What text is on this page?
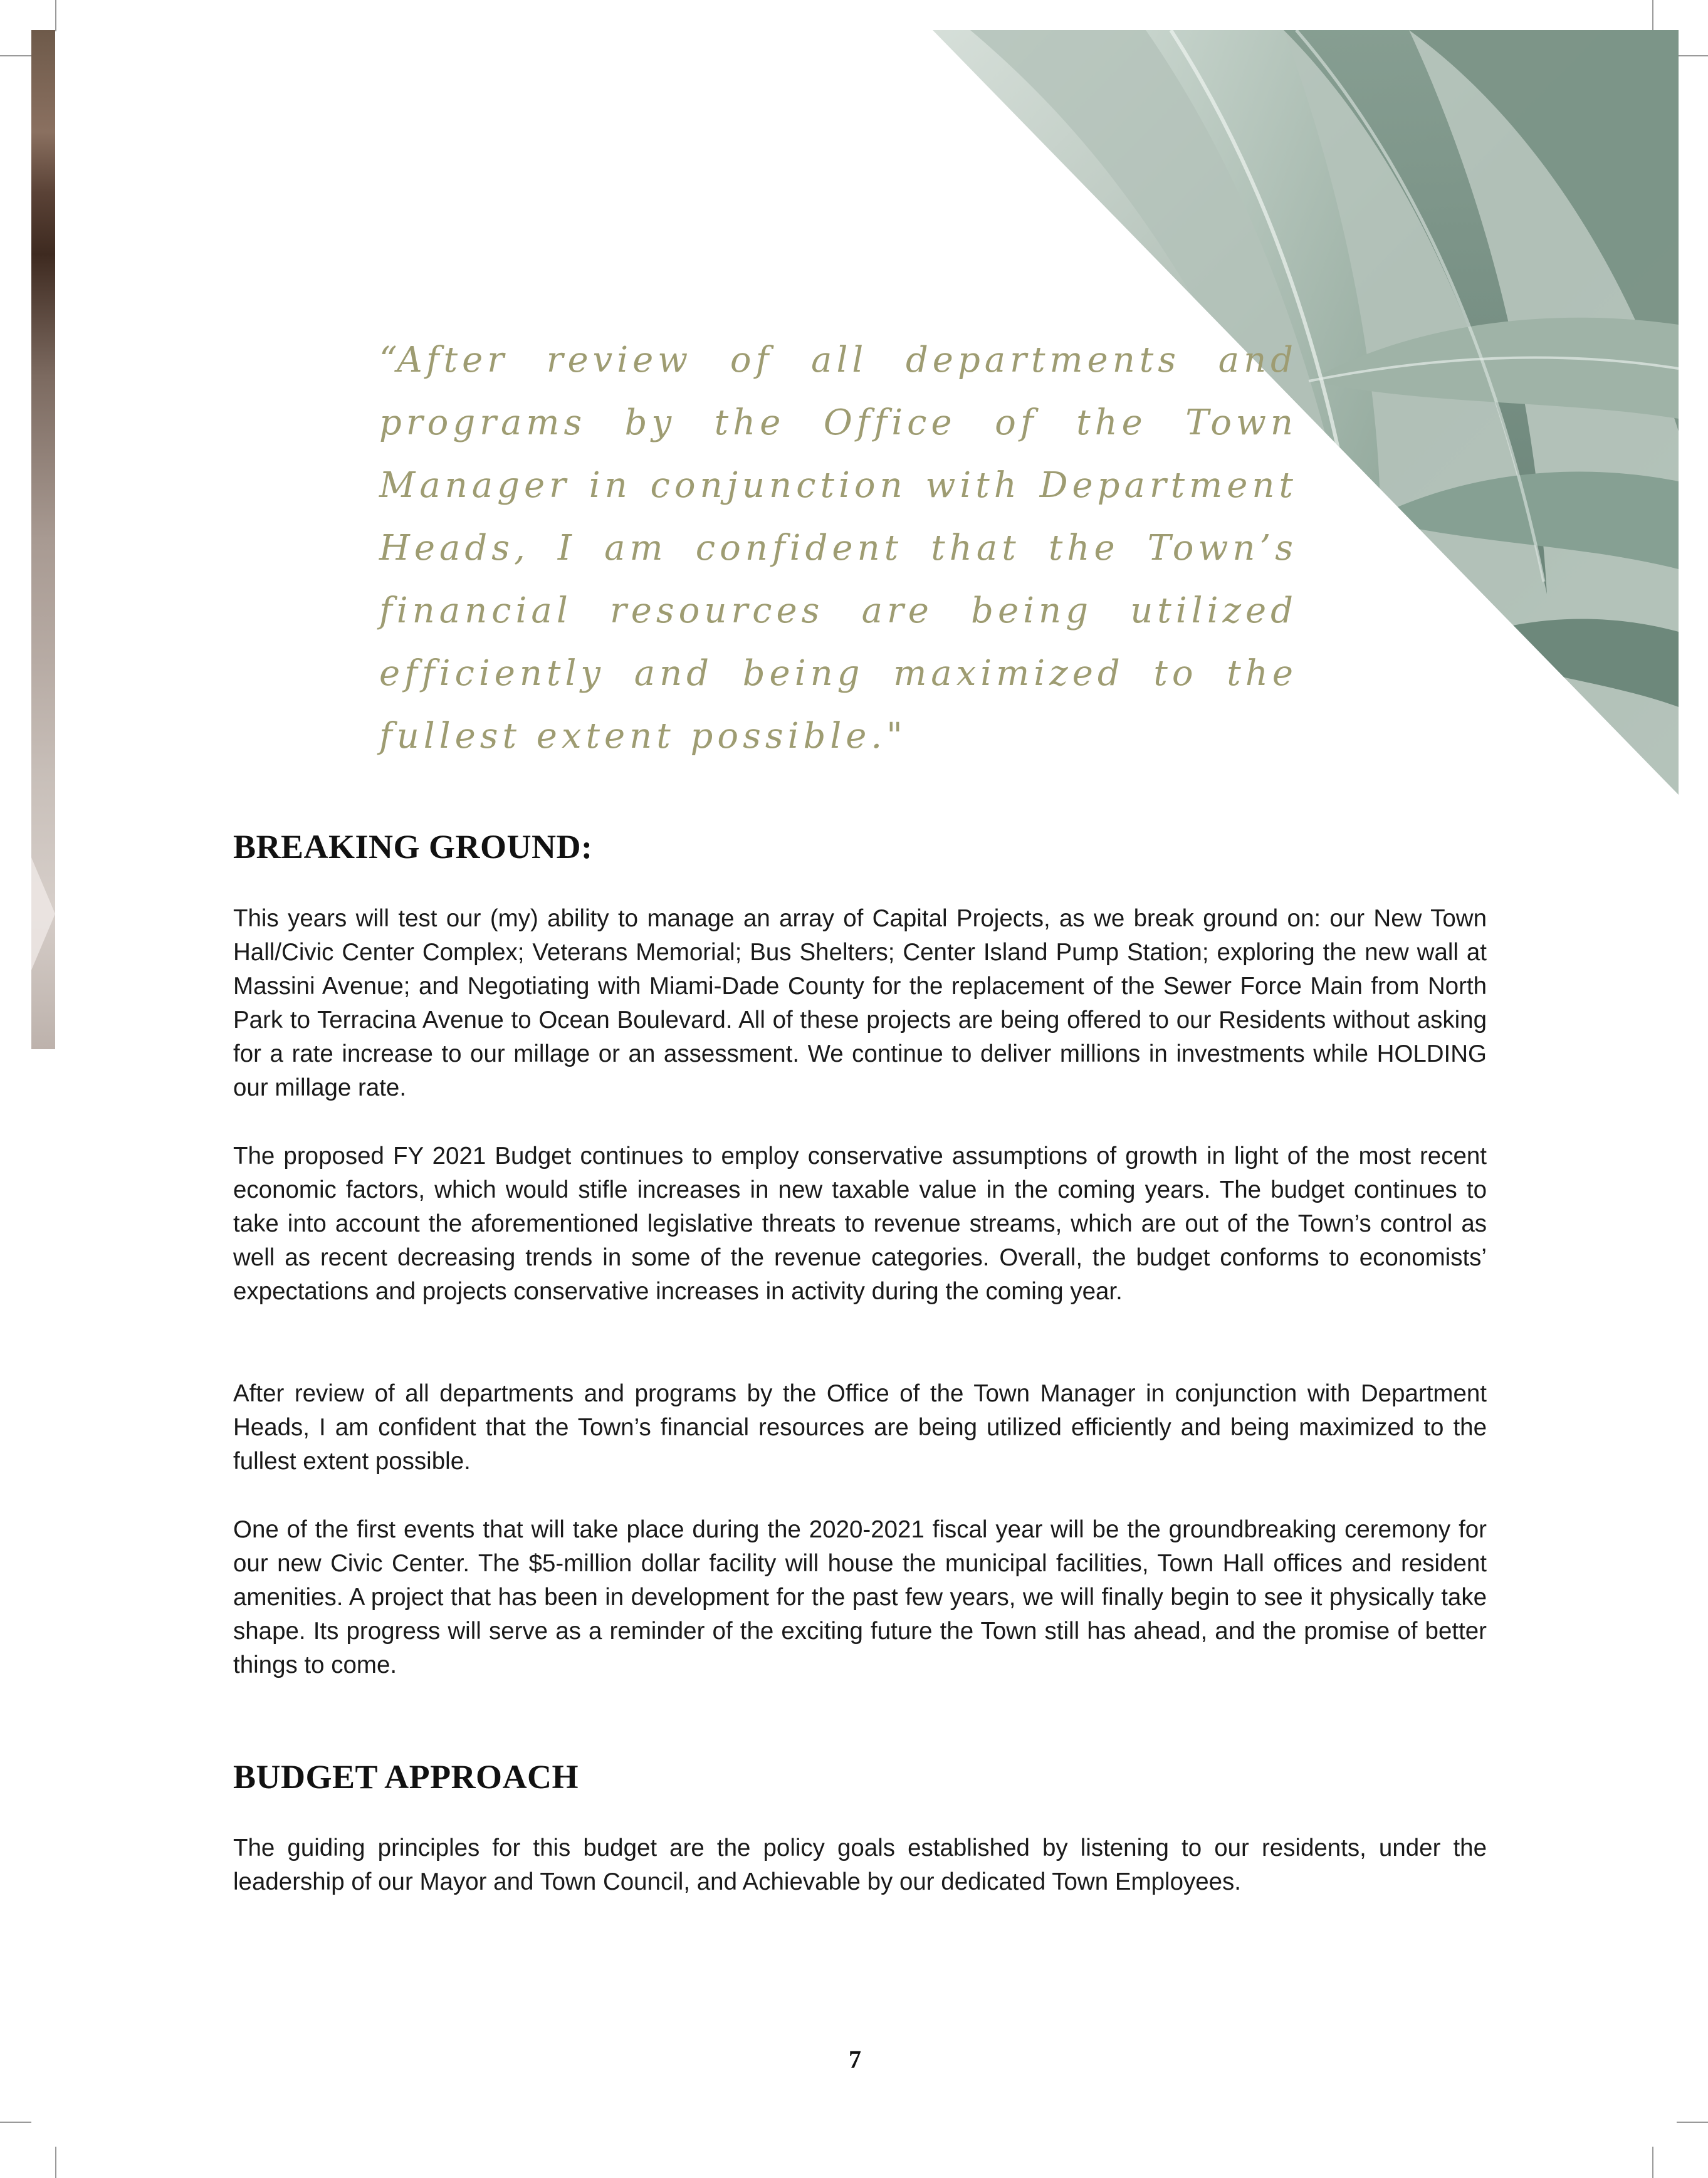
“After review of all departments and programs by the Office of the Town Manager in conjunction with Department Heads, I am confident that the Town’s financial resources are being utilized efficiently and being maximized to the fullest extent possible."
BREAKING GROUND:

This years will test our (my) ability to manage an array of Capital Projects, as we break ground on: our New Town Hall/Civic Center Complex; Veterans Memorial; Bus Shelters; Center Island Pump Station; exploring the new wall at Massini Avenue; and Negotiating with Miami-Dade County for the replacement of the Sewer Force Main from North Park to Terracina Avenue to Ocean Boulevard. All of these projects are being offered to our Residents without asking for a rate increase to our millage or an assessment. We continue to deliver millions in investments while HOLDING our millage rate.

The proposed FY 2021 Budget continues to employ conservative assumptions of growth in light of the most recent economic factors, which would stifle increases in new taxable value in the coming years. The budget continues to take into account the aforementioned legislative threats to revenue streams, which are out of the Town’s control as well as recent decreasing trends in some of the revenue categories. Overall, the budget conforms to economists’ expectations and projects conservative increases in activity during the coming year.

After review of all departments and programs by the Office of the Town Manager in conjunction with Department Heads, I am confident that the Town’s financial resources are being utilized efficiently and being maximized to the fullest extent possible.

One of the first events that will take place during the 2020-2021 fiscal year will be the groundbreaking ceremony for our new Civic Center. The $5-million dollar facility will house the municipal facilities, Town Hall offices and resident amenities. A project that has been in development for the past few years, we will finally begin to see it physically take shape. Its progress will serve as a reminder of the exciting future the Town still has ahead, and the promise of better things to come.

BUDGET APPROACH

The guiding principles for this budget are the policy goals established by listening to our residents, under the leadership of our Mayor and Town Council, and Achievable by our dedicated Town Employees.

7
